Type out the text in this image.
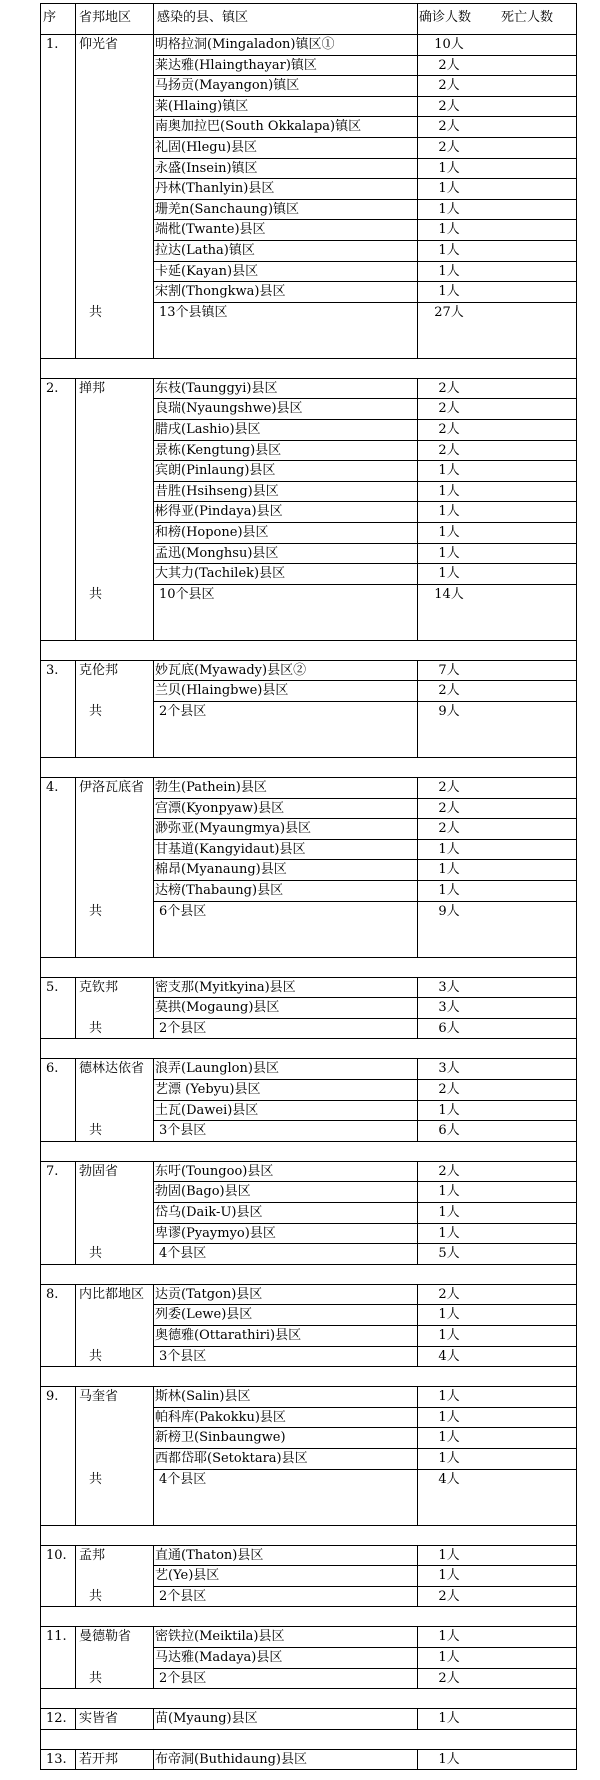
序 省邦地区 感染的县、镇区	确诊人数 死亡人数
1. 仰光省	明格拉洞(Mingaladon)镇区①	10人
莱达雅(Hlaingthayar)镇区	2人
马扬贡(Mayangon)镇区	2人
莱(Hlaing)镇区	2人
南奥加拉巴(South Okkalapa)镇区	2人
礼固(Hlegu)县区	2人
永盛(Insein)镇区	1人
丹林(Thanlyin)县区	1人
珊羌n(Sanchaung)镇区	1人
端枇(Twante)县区	1人
拉达(Latha)镇区	1人
卡延(Kayan)县区	1人
宋割(Thongkwa)县区	1人
共	13个县镇区	27人
2. 掸邦	东枝(Taunggyi)县区	2人
良瑞(Nyaungshwe)县区	2人
腊戌(Lashio)县区	2人
景栋(Kengtung)县区	2人
宾朗(Pinlaung)县区	1人
昔胜(Hsihseng)县区	1人
彬得亚(Pindaya)县区	1人
和榜(Hopone)县区	1人
孟迅(Monghsu)县区	1人
大其力(Tachilek)县区	1人
共	10个县区	14人
3. 克伦邦	妙瓦底(Myawady)县区②	7人
兰贝(Hlaingbwe)县区	2人
共	2个县区	9人
4. 伊洛瓦底省 勃生(Pathein)县区	2人
宫漂(Kyonpyaw)县区	2人
渺弥亚(Myaungmya)县区	2人
甘基道(Kangyidaut)县区	1人
棉昂(Myanaung)县区	1人
达榜(Thabaung)县区	1人
共	6个县区	9人
5. 克钦邦	密支那(Myitkyina)县区	3人
莫拱(Mogaung)县区	3人
共	2个县区	6人
6. 德林达依省 浪弄(Launglon)县区	3人
艺漂 (Yebyu)县区	2人
土瓦(Dawei)县区	1人
共	3个县区	6人
7. 勃固省	东吁(Toungoo)县区	2人
勃固(Bago)县区	1人
岱乌(Daik-U)县区	1人
卑谬(Pyaymyo)县区	1人
共	4个县区	5人
8. 内比都地区 达贡(Tatgon)县区	2人
列委(Lewe)县区	1人
奥德雅(Ottarathiri)县区	1人
共	3个县区	4人
9. 马奎省	斯林(Salin)县区	1人
帕科库(Pakokku)县区	1人
新榜卫(Sinbaungwe)	1人
西都岱耶(Setoktara)县区	1人
共	4个县区	4人
10. 孟邦	直通(Thaton)县区	1人
艺(Ye)县区	1人
共	2个县区	2人
11. 曼德勒省 密铁拉(Meiktila)县区	1人
马达雅(Madaya)县区	1人
共	2个县区	2人
12. 实皆省	苗(Myaung)县区	1人
13. 若开邦	布帝洞(Buthidaung)县区	1人
